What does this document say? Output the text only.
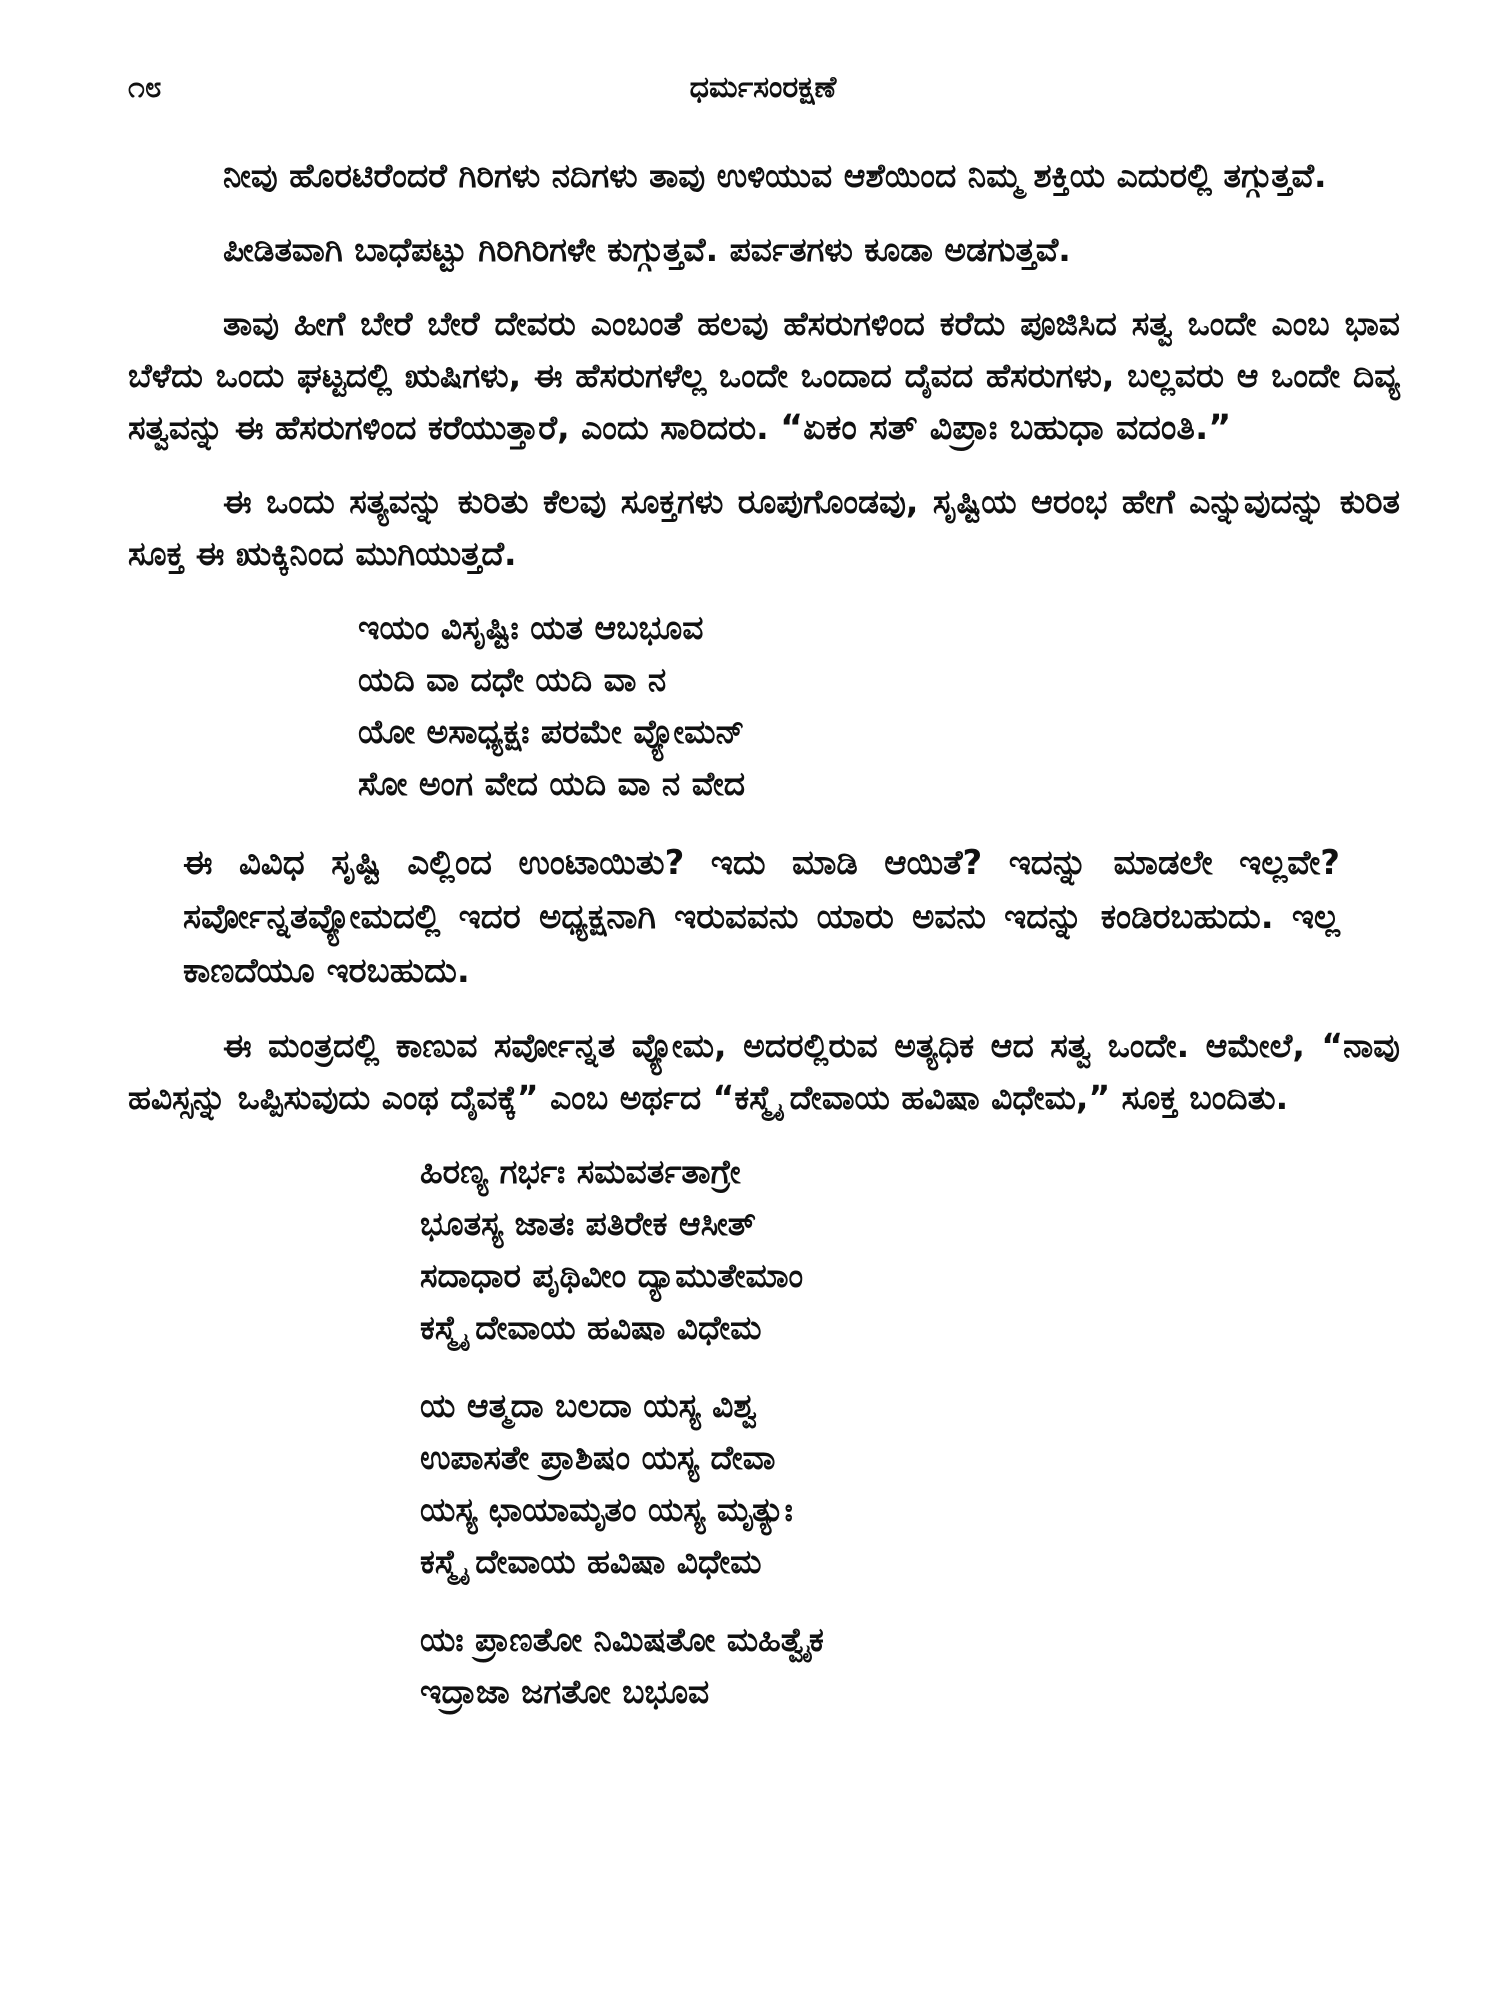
೧೮	ಧರ್ಮಸಂರಕ್ಷಣೆ

ನೀವು ಹೊರಟಿರೆಂದರೆ ಗಿರಿಗಳು ನದಿಗಳು ತಾವು ಉಳಿಯುವ ಆಶೆಯಿಂದ ನಿಮ್ಮ ಶಕ್ತಿಯ ಎದುರಲ್ಲಿ ತಗ್ಗುತ್ತವೆ.

ಪೀಡಿತವಾಗಿ ಬಾಧೆಪಟ್ಟು ಗಿರಿಗಿರಿಗಳೇ ಕುಗ್ಗುತ್ತವೆ. ಪರ್ವತಗಳು ಕೂಡಾ ಅಡಗುತ್ತವೆ.

ತಾವು ಹೀಗೆ ಬೇರೆ ಬೇರೆ ದೇವರು ಎಂಬಂತೆ ಹಲವು ಹೆಸರುಗಳಿಂದ ಕರೆದು ಪೂಜಿಸಿದ ಸತ್ವ ಒಂದೇ ಎಂಬ ಭಾವ ಬೆಳೆದು ಒಂದು ಘಟ್ಟದಲ್ಲಿ ಋಷಿಗಳು, ಈ ಹೆಸರುಗಳೆಲ್ಲ ಒಂದೇ ಒಂದಾದ ದೈವದ ಹೆಸರುಗಳು, ಬಲ್ಲವರು ಆ ಒಂದೇ ದಿವ್ಯ ಸತ್ವವನ್ನು ಈ ಹೆಸರುಗಳಿಂದ ಕರೆಯುತ್ತಾರೆ, ಎಂದು ಸಾರಿದರು. “ಏಕಂ ಸತ್ ವಿಪ್ರಾಃ ಬಹುಧಾ ವದಂತಿ.”

ಈ ಒಂದು ಸತ್ಯವನ್ನು ಕುರಿತು ಕೆಲವು ಸೂಕ್ತಗಳು ರೂಪುಗೊಂಡವು, ಸೃಷ್ಟಿಯ ಆರಂಭ ಹೇಗೆ ಎನ್ನುವುದನ್ನು ಕುರಿತ ಸೂಕ್ತ ಈ ಋಕ್ಕಿನಿಂದ ಮುಗಿಯುತ್ತದೆ.

ಇಯಂ ವಿಸೃಷ್ಟಿಃ ಯತ ಆಬಭೂವ
ಯದಿ ವಾ ದಧೇ ಯದಿ ವಾ ನ
ಯೋ ಅಸಾಧ್ಯಕ್ಷಃ ಪರಮೇ ವ್ಯೋಮನ್
ಸೋ ಅಂಗ ವೇದ ಯದಿ ವಾ ನ ವೇದ

ಈ ವಿವಿಧ ಸೃಷ್ಟಿ ಎಲ್ಲಿಂದ ಉಂಟಾಯಿತು? ಇದು ಮಾಡಿ ಆಯಿತೆ? ಇದನ್ನು ಮಾಡಲೇ ಇಲ್ಲವೇ? ಸರ್ವೋನ್ನತವ್ಯೋಮದಲ್ಲಿ ಇದರ ಅಧ್ಯಕ್ಷನಾಗಿ ಇರುವವನು ಯಾರು ಅವನು ಇದನ್ನು ಕಂಡಿರಬಹುದು. ಇಲ್ಲ ಕಾಣದೆಯೂ ಇರಬಹುದು.

ಈ ಮಂತ್ರದಲ್ಲಿ ಕಾಣುವ ಸರ್ವೋನ್ನತ ವ್ಯೋಮ, ಅದರಲ್ಲಿರುವ ಅತ್ಯಧಿಕ ಆದ ಸತ್ವ ಒಂದೇ. ಆಮೇಲೆ, “ನಾವು ಹವಿಸ್ಸನ್ನು ಒಪ್ಪಿಸುವುದು ಎಂಥ ದೈವಕ್ಕೆ” ಎಂಬ ಅರ್ಥದ “ಕಸ್ಮೈ ದೇವಾಯ ಹವಿಷಾ ವಿಧೇಮ,” ಸೂಕ್ತ ಬಂದಿತು.

ಹಿರಣ್ಯ ಗರ್ಭಃ ಸಮವರ್ತತಾಗ್ರೇ
ಭೂತಸ್ಯ ಜಾತಃ ಪತಿರೇಕ ಆಸೀತ್
ಸದಾಧಾರ ಪೃಥಿವೀಂ ದ್ಯಾಮುತೇಮಾಂ
ಕಸ್ಮೈ ದೇವಾಯ ಹವಿಷಾ ವಿಧೇಮ
ಯ ಆತ್ಮದಾ ಬಲದಾ ಯಸ್ಯ ವಿಶ್ವ
ಉಪಾಸತೇ ಪ್ರಾಶಿಷಂ ಯಸ್ಯ ದೇವಾ
ಯಸ್ಯ ಛಾಯಾಮೃತಂ ಯಸ್ಯ ಮೃತ್ಯುಃ
ಕಸ್ಮೈ ದೇವಾಯ ಹವಿಷಾ ವಿಧೇಮ
ಯಃ ಪ್ರಾಣತೋ ನಿಮಿಷತೋ ಮಹಿತ್ವೈಕ
ಇದ್ರಾಜಾ ಜಗತೋ ಬಭೂವ
